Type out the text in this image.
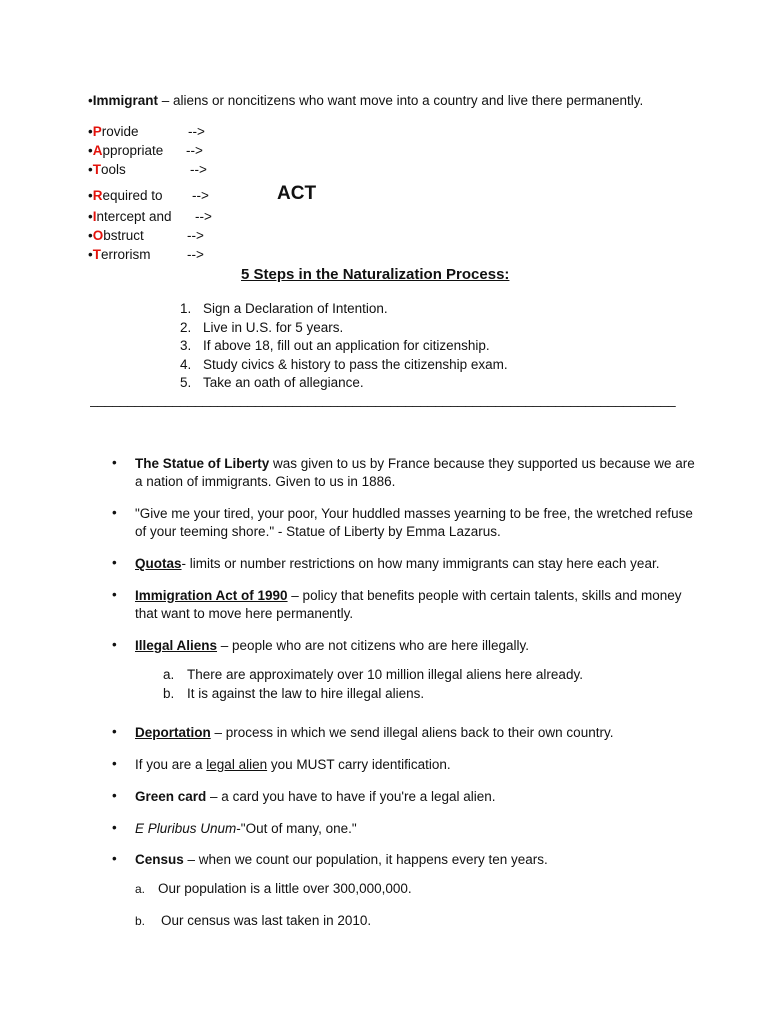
•Immigrant – aliens or noncitizens who want move into a country and live there permanently.
•Provide	-->
•Appropriate -->
•Tools	-->
•Required to -->
•Intercept and -->
•Obstruct	-->
•Terrorism	-->
ACT
5 Steps in the Naturalization Process:
1. Sign a Declaration of Intention.
2. Live in U.S. for 5 years.
3. If above 18, fill out an application for citizenship.
4. Study civics & history to pass the citizenship exam.
5. Take an oath of allegiance.
______________________________________________________________________________
• The Statue of Liberty was given to us by France because they supported us because we are a nation of immigrants. Given to us in 1886.
• "Give me your tired, your poor, Your huddled masses yearning to be free, the wretched refuse of your teeming shore." - Statue of Liberty by Emma Lazarus.
• Quotas- limits or number restrictions on how many immigrants can stay here each year.
• Immigration Act of 1990 – policy that benefits people with certain talents, skills and money that want to move here permanently.
• Illegal Aliens – people who are not citizens who are here illegally.
a. There are approximately over 10 million illegal aliens here already.
b. It is against the law to hire illegal aliens.
• Deportation – process in which we send illegal aliens back to their own country.
• If you are a legal alien you MUST carry identification.
• Green card – a card you have to have if you're a legal alien.
• E Pluribus Unum-"Out of many, one."
• Census – when we count our population, it happens every ten years.
a. Our population is a little over 300,000,000.
b. Our census was last taken in 2010.
